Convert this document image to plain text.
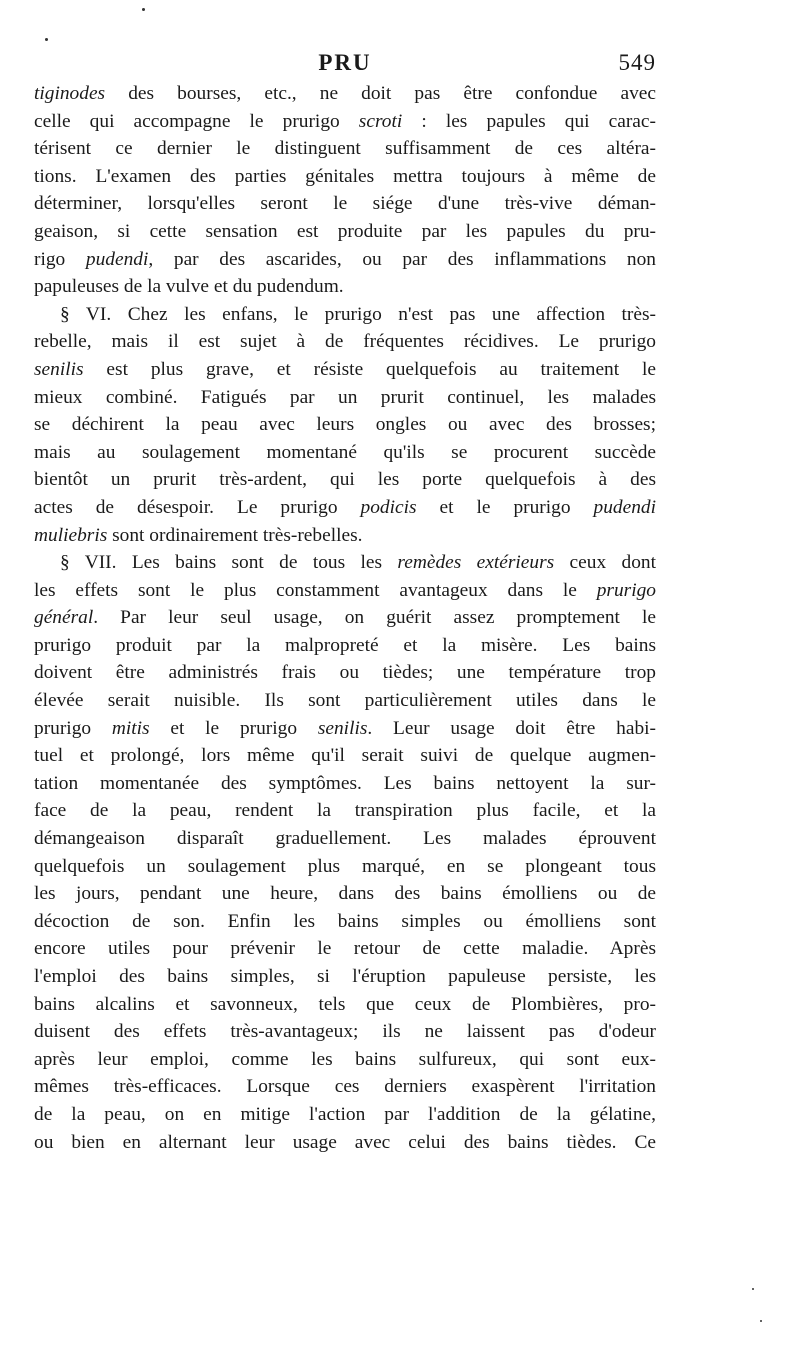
PRU	549
tiginodes des bourses, etc., ne doit pas être confondue avec
celle qui accompagne le prurigo scroti : les papules qui carac-
térisent ce dernier le distinguent suffisamment de ces altéra-
tions. L'examen des parties génitales mettra toujours à même de
déterminer, lorsqu'elles seront le siége d'une très-vive déman-
geaison, si cette sensation est produite par les papules du pru-
rigo pudendi, par des ascarides, ou par des inflammations non
papuleuses de la vulve et du pudendum.
§ VI. Chez les enfans, le prurigo n'est pas une affection très-
rebelle, mais il est sujet à de fréquentes récidives. Le prurigo
senilis est plus grave, et résiste quelquefois au traitement le
mieux combiné. Fatigués par un prurit continuel, les malades
se déchirent la peau avec leurs ongles ou avec des brosses;
mais au soulagement momentané qu'ils se procurent succède
bientôt un prurit très-ardent, qui les porte quelquefois à des
actes de désespoir. Le prurigo podicis et le prurigo pudendi
muliebris sont ordinairement très-rebelles.
§ VII. Les bains sont de tous les remèdes extérieurs ceux dont
les effets sont le plus constamment avantageux dans le prurigo
général. Par leur seul usage, on guérit assez promptement le
prurigo produit par la malpropreté et la misère. Les bains
doivent être administrés frais ou tièdes; une température trop
élevée serait nuisible. Ils sont particulièrement utiles dans le
prurigo mitis et le prurigo senilis. Leur usage doit être habi-
tuel et prolongé, lors même qu'il serait suivi de quelque augmen-
tation momentanée des symptômes. Les bains nettoyent la sur-
face de la peau, rendent la transpiration plus facile, et la
démangeaison disparaît graduellement. Les malades éprouvent
quelquefois un soulagement plus marqué, en se plongeant tous
les jours, pendant une heure, dans des bains émolliens ou de
décoction de son. Enfin les bains simples ou émolliens sont
encore utiles pour prévenir le retour de cette maladie. Après
l'emploi des bains simples, si l'éruption papuleuse persiste, les
bains alcalins et savonneux, tels que ceux de Plombières, pro-
duisent des effets très-avantageux; ils ne laissent pas d'odeur
après leur emploi, comme les bains sulfureux, qui sont eux-
mêmes très-efficaces. Lorsque ces derniers exaspèrent l'irritation
de la peau, on en mitige l'action par l'addition de la gélatine,
ou bien en alternant leur usage avec celui des bains tièdes. Ce
